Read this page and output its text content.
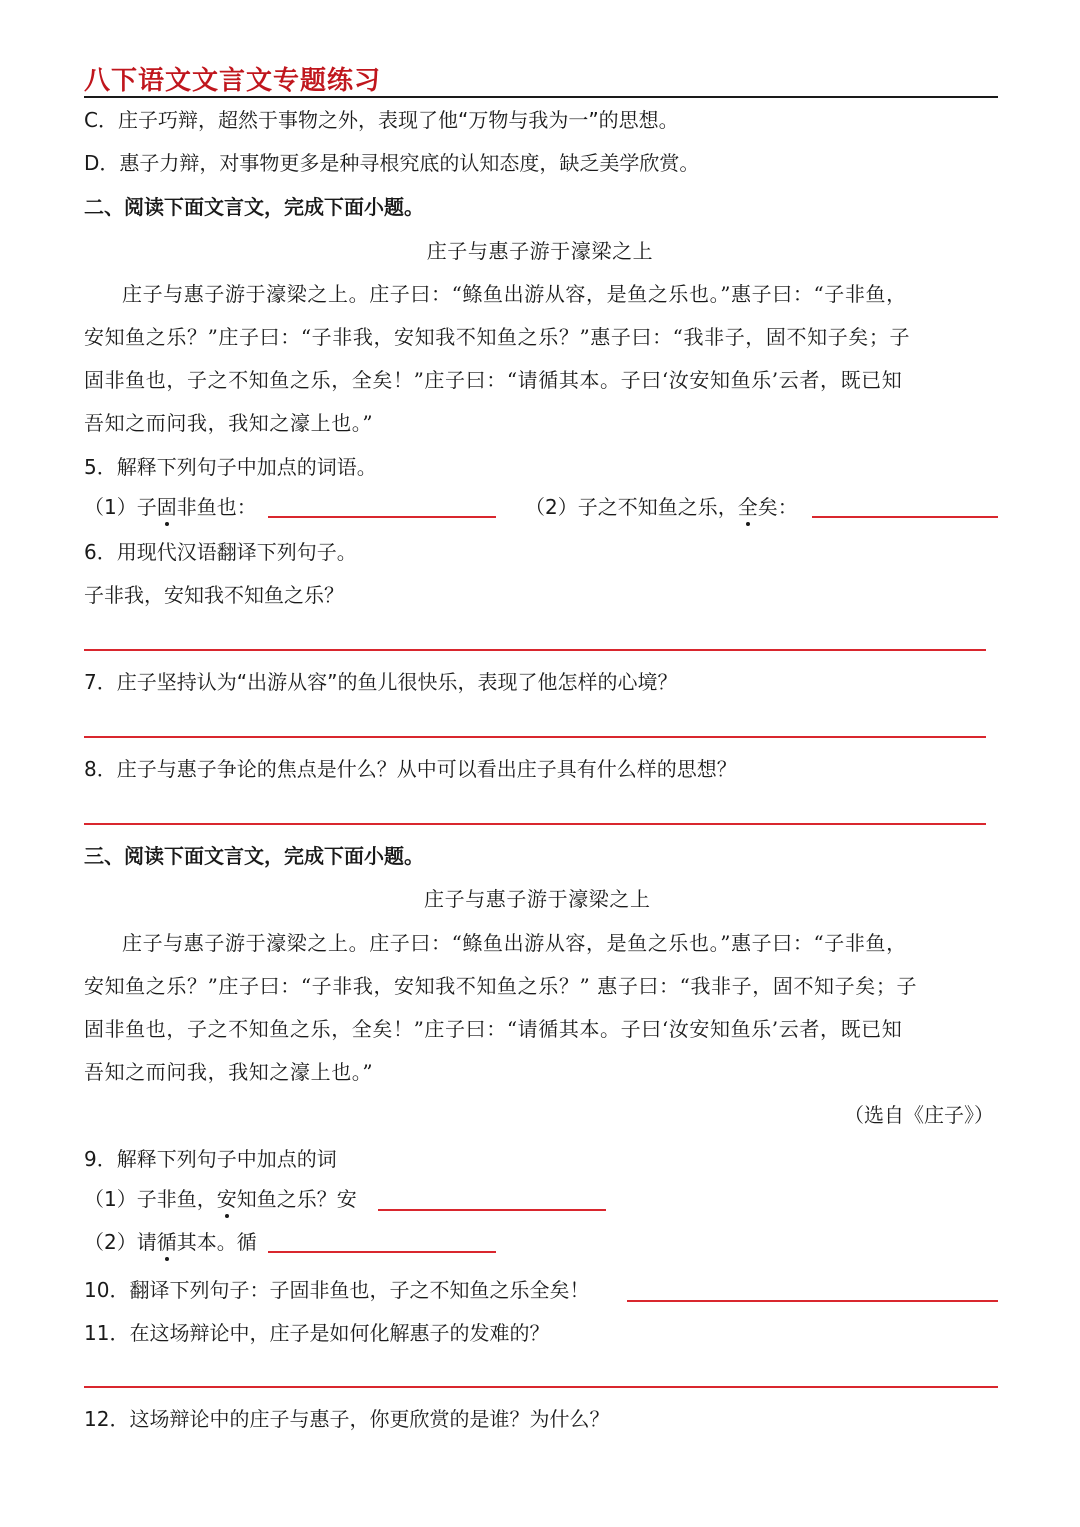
八下语文文言文专题练习
C．庄子巧辩，超然于事物之外，表现了他“万物与我为一”的思想。
D．惠子力辩，对事物更多是种寻根究底的认知态度，缺乏美学欣赏。
二、阅读下面文言文，完成下面小题。
庄子与惠子游于濠梁之上
庄子与惠子游于濠梁之上。庄子曰：“鲦鱼出游从容，是鱼之乐也。”惠子曰：“子非鱼，
安知鱼之乐？”庄子曰：“子非我，安知我不知鱼之乐？”惠子曰：“我非子，固不知子矣；子
固非鱼也，子之不知鱼之乐，全矣！”庄子曰：“请循其本。子曰‘汝安知鱼乐’云者，既已知
吾知之而问我，我知之濠上也。”
5．解释下列句子中加点的词语。
（1）子固非鱼也：	（2）子之不知鱼之乐，全矣：
6．用现代汉语翻译下列句子。
子非我，安知我不知鱼之乐？
7．庄子坚持认为“出游从容”的鱼儿很快乐，表现了他怎样的心境？
8．庄子与惠子争论的焦点是什么？从中可以看出庄子具有什么样的思想？
三、阅读下面文言文，完成下面小题。
庄子与惠子游于濠梁之上
庄子与惠子游于濠梁之上。庄子曰：“鲦鱼出游从容，是鱼之乐也。”惠子曰：“子非鱼，
安知鱼之乐？”庄子曰：“子非我，安知我不知鱼之乐？” 惠子曰：“我非子，固不知子矣；子
固非鱼也，子之不知鱼之乐，全矣！”庄子曰：“请循其本。子曰‘汝安知鱼乐’云者，既已知
吾知之而问我，我知之濠上也。”
（选自《庄子》）
9．解释下列句子中加点的词
（1）子非鱼，安知鱼之乐？安
（2）请循其本。循
10．翻译下列句子：子固非鱼也，子之不知鱼之乐全矣！
11．在这场辩论中，庄子是如何化解惠子的发难的？
12．这场辩论中的庄子与惠子，你更欣赏的是谁？为什么？
